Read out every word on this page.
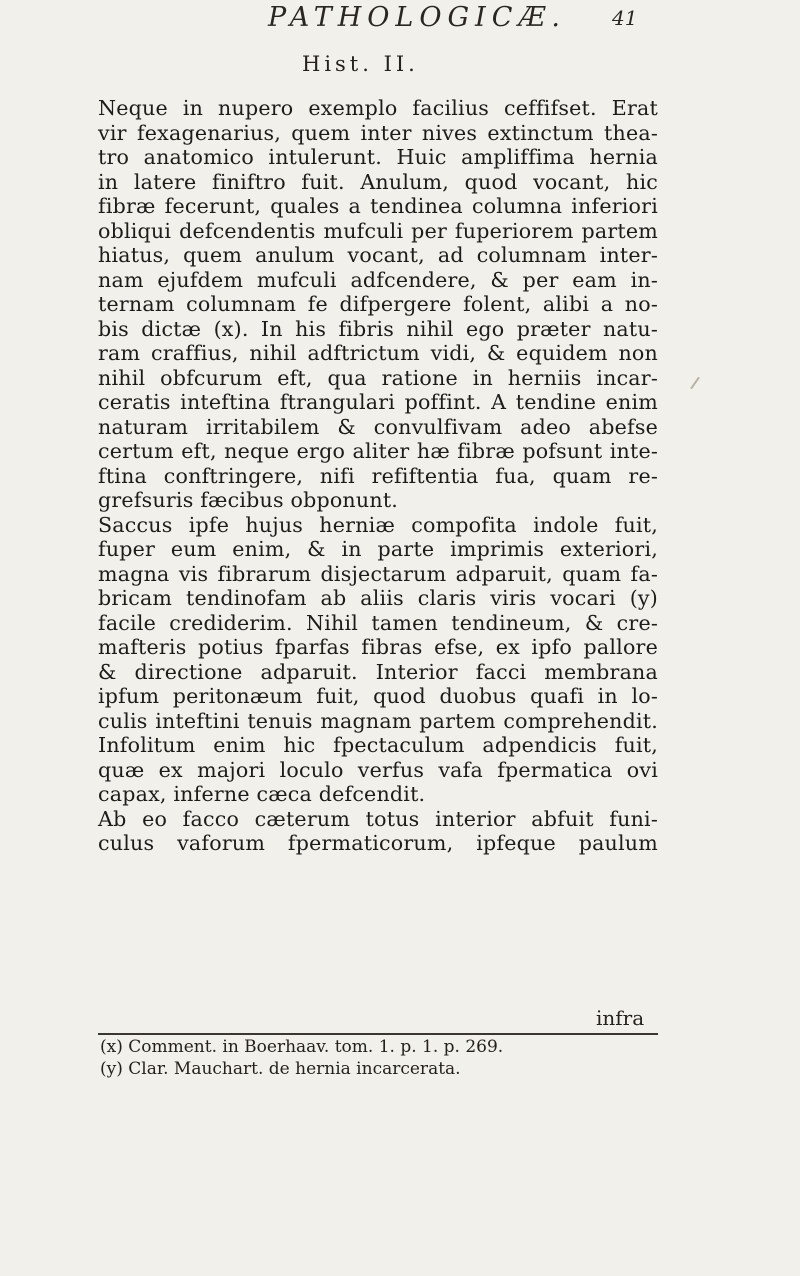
PATHOLOGICÆ. 41
Hist. II.
Neque in nupero exemplo facilius ceffifset. Erat
vir fexagenarius, quem inter nives extinctum thea-
tro anatomico intulerunt. Huic ampliffima hernia
in latere finiftro fuit. Anulum, quod vocant, hic
fibræ fecerunt, quales a tendinea columna inferiori
obliqui defcendentis mufculi per fuperiorem partem
hiatus, quem anulum vocant, ad columnam inter-
nam ejufdem mufculi adfcendere, & per eam in-
ternam columnam fe difpergere folent, alibi a no-
bis dictæ (x). In his fibris nihil ego præter natu-
ram craffius, nihil adftrictum vidi, & equidem non
nihil obfcurum eft, qua ratione in herniis incar-
ceratis inteftina ftrangulari poffint. A tendine enim
naturam irritabilem & convulfivam adeo abefse
certum eft, neque ergo aliter hæ fibræ pofsunt inte-
ftina conftringere, nifi refiftentia fua, quam re-
grefsuris fæcibus obponunt.
Saccus ipfe hujus herniæ compofita indole fuit,
fuper eum enim, & in parte imprimis exteriori,
magna vis fibrarum disjectarum adparuit, quam fa-
bricam tendinofam ab aliis claris viris vocari (y)
facile crediderim. Nihil tamen tendineum, & cre-
mafteris potius fparfas fibras efse, ex ipfo pallore
& directione adparuit. Interior facci membrana
ipfum peritonæum fuit, quod duobus quafi in lo-
culis inteftini tenuis magnam partem comprehendit.
Infolitum enim hic fpectaculum adpendicis fuit,
quæ ex majori loculo verfus vafa fpermatica ovi
capax, inferne cæca defcendit.
Ab eo facco cæterum totus interior abfuit funi-
culus vaforum fpermaticorum, ipfeque paulum
infra
(x) Comment. in Boerhaav. tom. 1. p. 1. p. 269.
(y) Clar. Mauchart. de hernia incarcerata.
